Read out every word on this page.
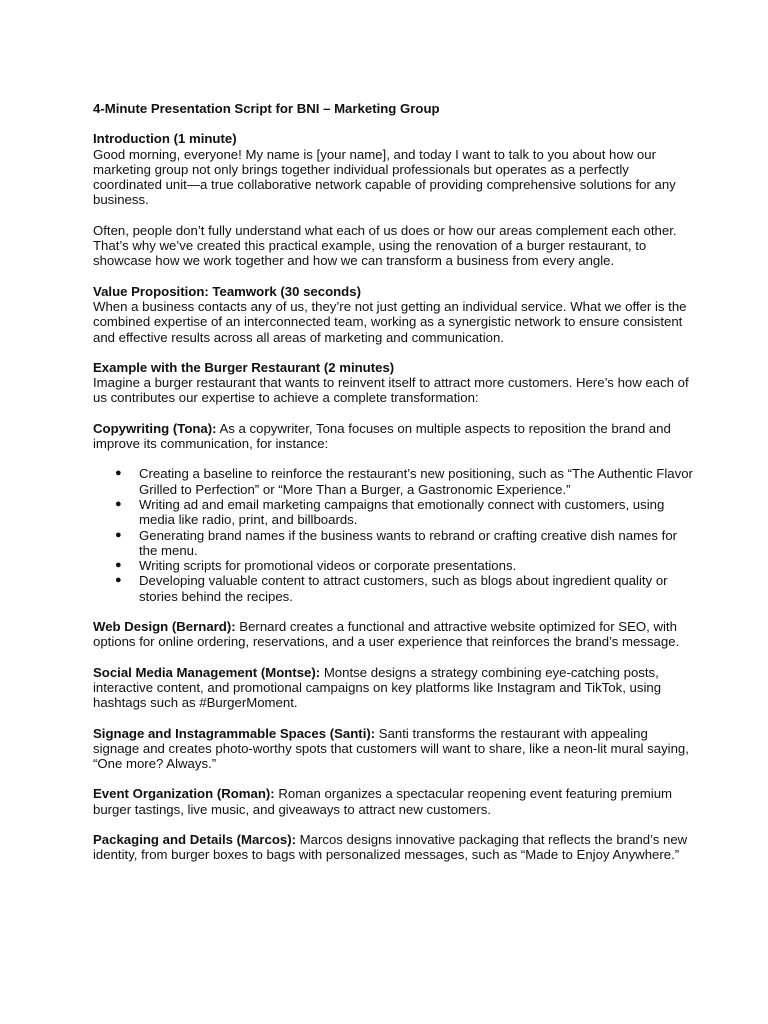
4-Minute Presentation Script for BNI – Marketing Group
Introduction (1 minute)
Good morning, everyone! My name is [your name], and today I want to talk to you about how our marketing group not only brings together individual professionals but operates as a perfectly coordinated unit—a true collaborative network capable of providing comprehensive solutions for any business.
Often, people don’t fully understand what each of us does or how our areas complement each other. That’s why we’ve created this practical example, using the renovation of a burger restaurant, to showcase how we work together and how we can transform a business from every angle.
Value Proposition: Teamwork (30 seconds)
When a business contacts any of us, they’re not just getting an individual service. What we offer is the combined expertise of an interconnected team, working as a synergistic network to ensure consistent and effective results across all areas of marketing and communication.
Example with the Burger Restaurant (2 minutes)
Imagine a burger restaurant that wants to reinvent itself to attract more customers. Here’s how each of us contributes our expertise to achieve a complete transformation:
Copywriting (Tona): As a copywriter, Tona focuses on multiple aspects to reposition the brand and improve its communication, for instance:
● Creating a baseline to reinforce the restaurant’s new positioning, such as “The Authentic Flavor Grilled to Perfection” or “More Than a Burger, a Gastronomic Experience.”
● Writing ad and email marketing campaigns that emotionally connect with customers, using media like radio, print, and billboards.
● Generating brand names if the business wants to rebrand or crafting creative dish names for the menu.
● Writing scripts for promotional videos or corporate presentations.
● Developing valuable content to attract customers, such as blogs about ingredient quality or stories behind the recipes.
Web Design (Bernard): Bernard creates a functional and attractive website optimized for SEO, with options for online ordering, reservations, and a user experience that reinforces the brand’s message.
Social Media Management (Montse): Montse designs a strategy combining eye-catching posts, interactive content, and promotional campaigns on key platforms like Instagram and TikTok, using hashtags such as #BurgerMoment.
Signage and Instagrammable Spaces (Santi): Santi transforms the restaurant with appealing signage and creates photo-worthy spots that customers will want to share, like a neon-lit mural saying, “One more? Always.”
Event Organization (Roman): Roman organizes a spectacular reopening event featuring premium burger tastings, live music, and giveaways to attract new customers.
Packaging and Details (Marcos): Marcos designs innovative packaging that reflects the brand’s new identity, from burger boxes to bags with personalized messages, such as “Made to Enjoy Anywhere.”
